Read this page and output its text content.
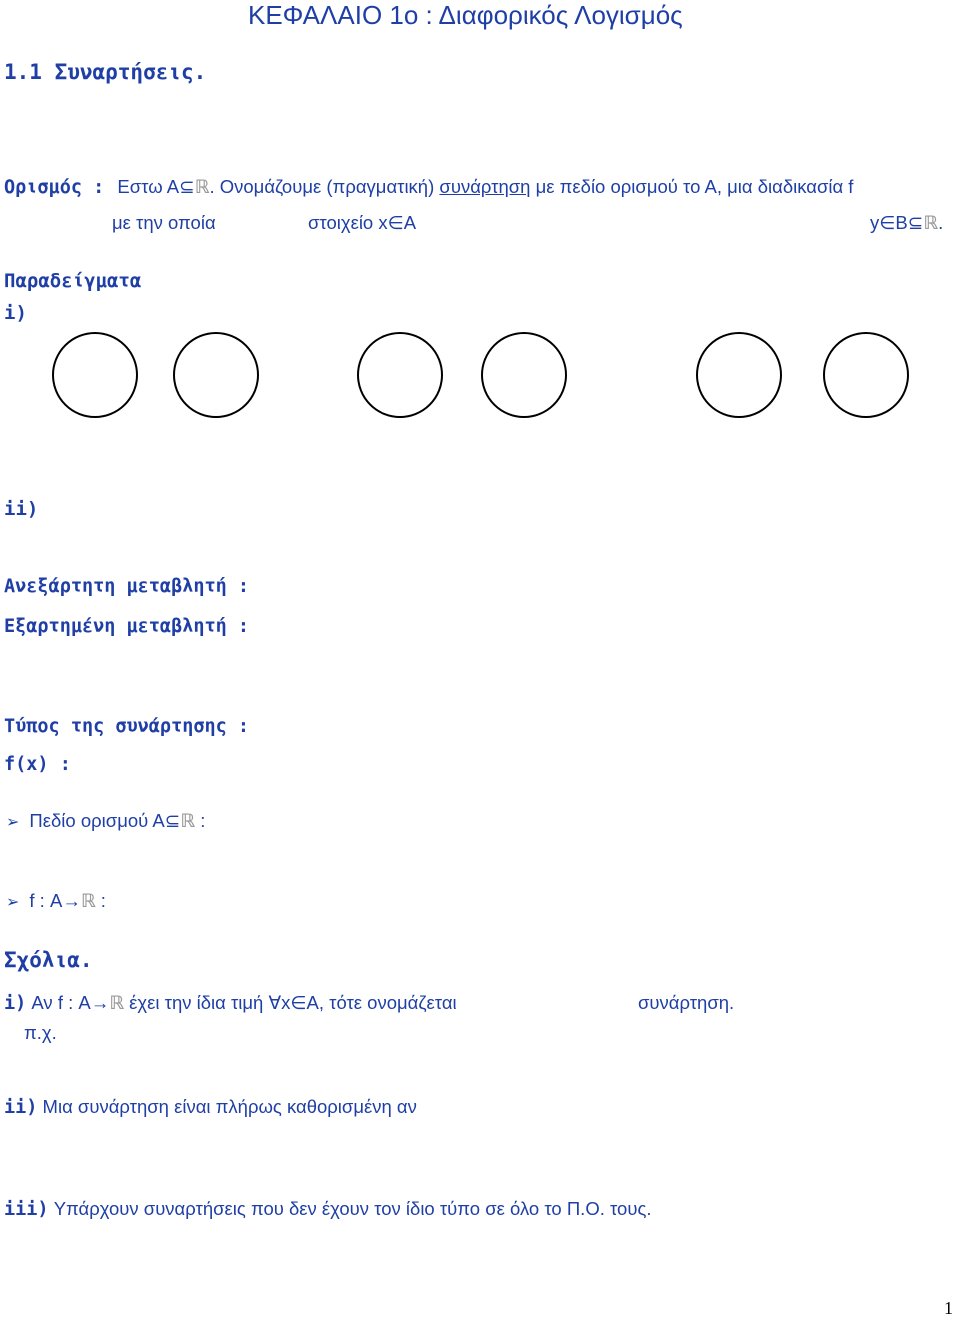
ΚΕΦΑΛΑΙΟ 1ο : Διαφορικός Λογισμός
1.1 Συναρτήσεις.
Ορισμός : Εστω Α⊆ℝ. Ονομάζουμε (πραγματική) συνάρτηση με πεδίο ορισμού το Α, μια διαδικασία f
με την οποία	στοιχείο x∈Α	y∈Β⊆ℝ.
Παραδείγματα
i)
ii)
Ανεξάρτητη μεταβλητή :
Εξαρτημένη μεταβλητή :
Τύπος της συνάρτησης :
f(x) :
➢ Πεδίο ορισμού Α⊆ℝ :
➢ f : Α→ℝ :
Σχόλια.
i) Αν f : Α→ℝ έχει την ίδια τιμή ∀x∈Α, τότε ονομάζεται	συνάρτηση.
π.χ.
ii) Μια συνάρτηση είναι πλήρως καθορισμένη αν
iii) Υπάρχουν συναρτήσεις που δεν έχουν τον ίδιο τύπο σε όλο το Π.Ο. τους.
1
